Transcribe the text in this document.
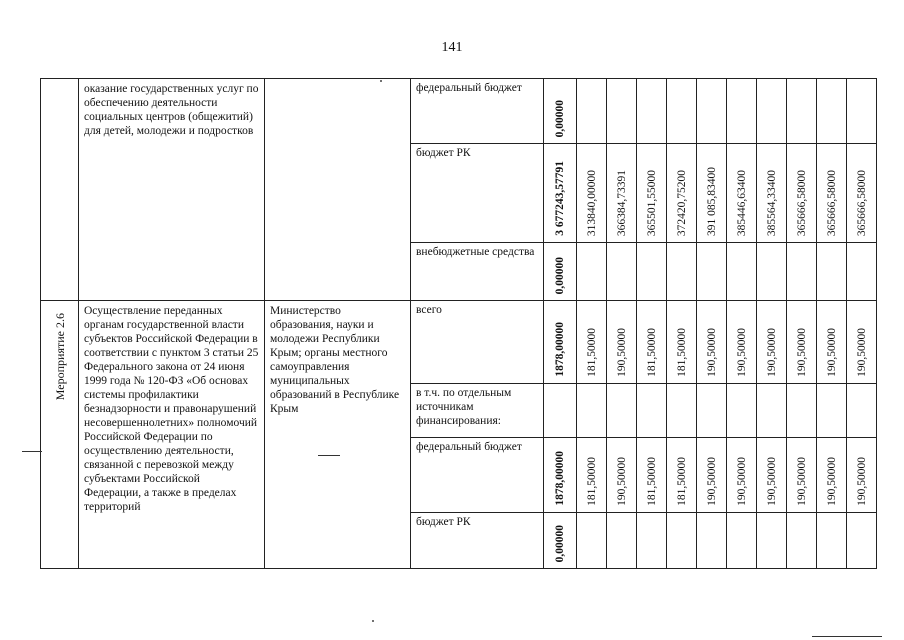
141

	оказание государственных услуг по обеспечению деятельности социальных центров (общежитий) для детей, молодежи и подростков		федеральный бюджет	0,00000										

			бюджет РК	3 677243,57791	313840,00000	366384,73391	365501,55000	372420,75200	391 085,83400	385446,63400	385564,33400	365666,58000	365666,58000	365666,58000

			внебюджетные средства	0,00000										

Мероприятие 2.6	Осуществление переданных органам государственной власти субъектов Российской Федерации в соответствии с пунктом 3 статьи 25 Федерального закона от 24 июня 1999 года № 120-ФЗ «Об основах системы профилактики безнадзорности и правонарушений несовершеннолетних» полномочий Российской Федерации по осуществлению деятельности, связанной с перевозкой между субъектами Российской Федерации, а также в пределах территорий	Министерство образования, науки и молодежи Республики Крым; органы местного самоуправления муниципальных образований в Республике Крым	всего	1878,00000	181,50000	190,50000	181,50000	181,50000	190,50000	190,50000	190,50000	190,50000	190,50000	190,50000

			в т.ч. по отдельным источникам финансирования:											

			федеральный бюджет	1878,00000	181,50000	190,50000	181,50000	181,50000	190,50000	190,50000	190,50000	190,50000	190,50000	190,50000

			бюджет РК	0,00000										
